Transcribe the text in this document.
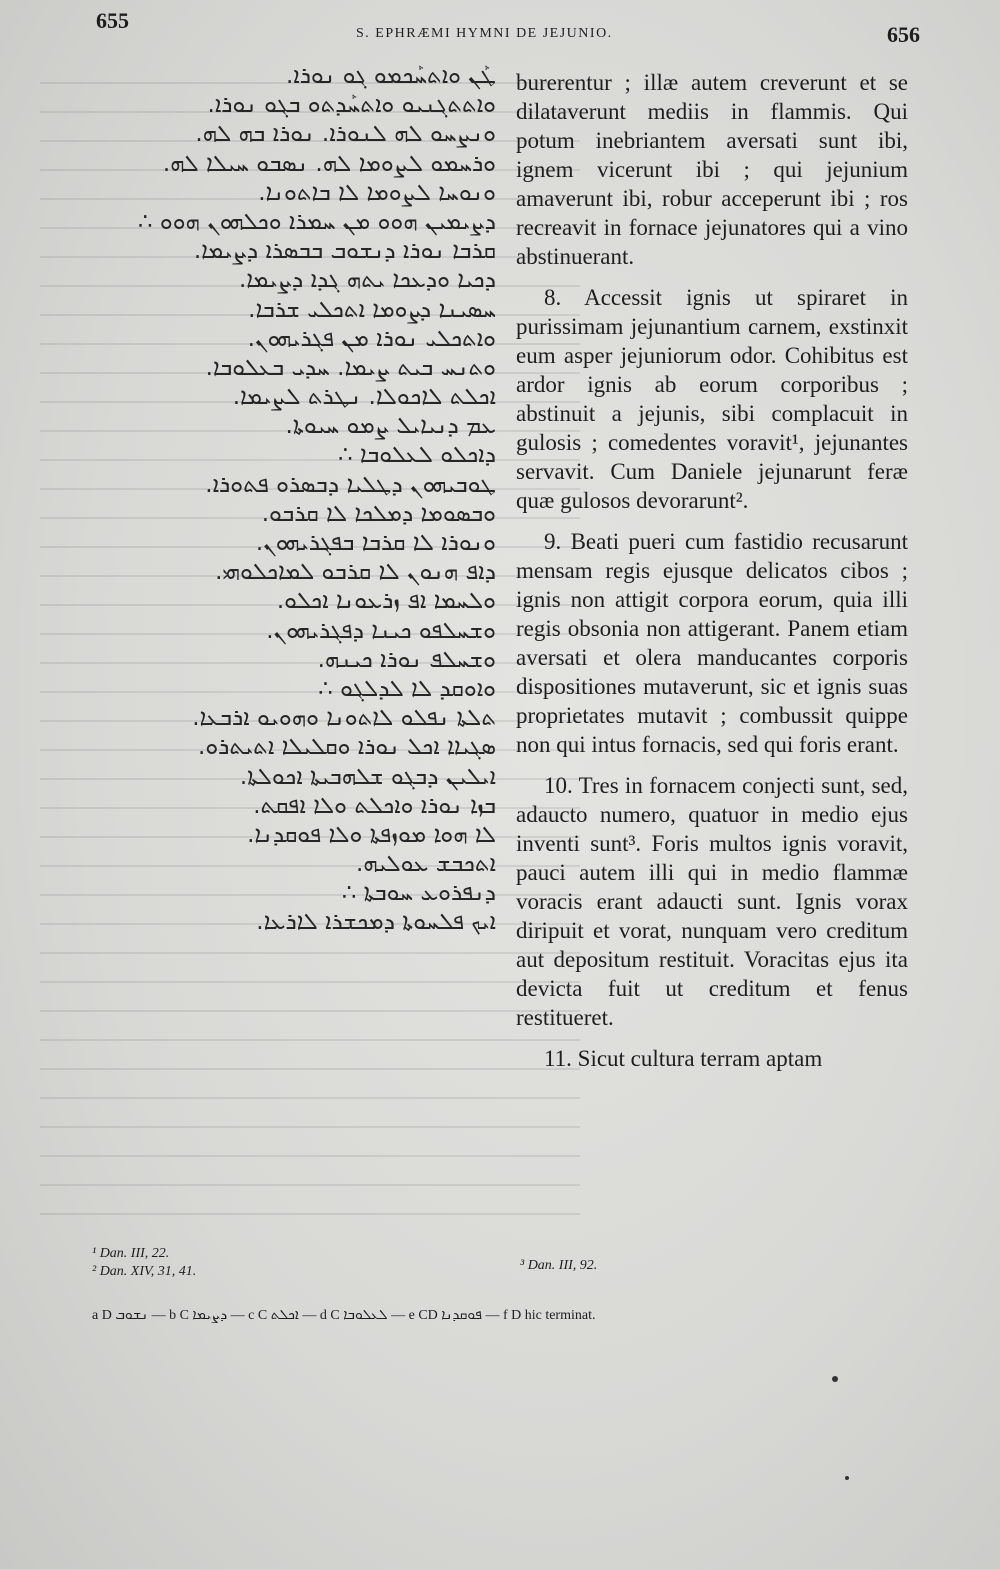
655
S. EPHRÆMI HYMNI DE JEJUNIO.	656
ܛܰܢ ܘܐܬܚܰܟܡܘ ܓܘ ܢܘܪܐ.
ܘܐܬܬܓܢܝܘ ܘܐܬܚܰܕܬܘ ܒܓܘ ܢܘܪܐ.
ܘܢܨܚܘ ܠܗ ܠܢܘܪܐ. ܢܘܪܐ ܒܗ ܠܗ.
ܘܪܚܡܘ ܠܨܘܡܐ ܠܗ. ܢܣܒܘ ܚܝܠܐ ܠܗ.
ܘܢܘܚܐ ܠܨܘܡܐ ܠܐ ܒܐܬܘܢܐ.
ܕܨܝܡܝܢ ܗܘܘ ܡܢ ܚܡܪܐ ܘܟܠܗܘܢ ܗܘܘ ∴
ܩܪܒܐ ܢܘܪܐ ܕܢܫܘܒ ܒܒܣܪܐ ܕܨܝܡܐ.
ܕܟܝܐ ܘܕܥܟܐ ܝܬܗ ܓܕܐ ܕܨܝܡܐ.
ܚܣܝܢܐ ܕܨܘܡܐ ܐܬܟܠܝ ܫܪܒܐ.
ܘܐܬܟܠܝ ܢܘܪܐ ܡܢ ܦܓܪܝܗܘܢ.
ܘܬܢܚ ܒܝܬ ܨܝܡܐ. ܚܕܝ ܒܥܠܘܒܐ.
ܐܟܠܬ ܠܐܟܘܠܐ. ܢܛܪܬ ܠܨܝܡܐ.
ܥܡ ܕܢܝܐܝܠ ܨܡܘ ܚܝܘܬܐ.
ܕܐܟܠܘ ܠܥܠܘܒܐ ∴
ܛܘܒܝܗܘܢ ܕܛܠܝܐ ܕܒܣܪܘ ܦܬܘܪܐ.
ܘܒܣܘܡܐ ܕܡܠܟܐ ܠܐ ܩܪܒܘ.
ܘܢܘܪܐ ܠܐ ܩܪܒܐ ܒܦܓܪܝܗܘܢ.
ܕܐܦ ܗܢܘܢ ܠܐ ܩܪܒܘ ܠܡܐܟܠܘܗܝ.
ܘܠܚܡܐ ܐܦ ܙܪܥܘܢܐ ܐܟܠܘ.
ܘܫܚܠܦܘ ܟܝܢܐ ܕܦܓܪܝܗܘܢ.
ܘܫܚܠܦ ܢܘܪܐ ܟܝܢܗ.
ܘܐܘܩܕ ܠܐ ܠܕܠܓܘ ∴
ܬܠܬܐ ܢܦܠܘ ܠܐܬܘܢܐ ܘܗܘܝܘ ܐܪܒܥܐ.
ܣܓܝܐܐ ܐܟܠ ܢܘܪܐ ܘܩܠܝܠܐ ܐܬܝܬܪܘ.
ܐܝܠܝܢ ܕܒܓܘ ܫܠܗܒܝܬܐ ܐܟܘܠܬܐ.
ܒܙܐ ܢܘܪܐ ܘܐܟܠܬ ܘܠܐ ܐܦܩܬ.
ܠܐ ܗܘܐ ܡܘܙܦܬܐ ܘܠܐ ܦܘܩܕܢܐ.
ܐܬܟܒܫ ܥܘܠܝܗ.
ܕܢܦܪܘܥ ܚܘܒܬܐ ∴
ܐܝܟ ܦܠܚܘܬܐ ܕܡܟܫܪܐ ܠܐܪܥܐ.

burerentur ; illæ autem creverunt et se dilataverunt mediis in flammis. Qui potum inebriantem aversati sunt ibi, ignem vicerunt ibi ; qui jejunium amaverunt ibi, robur acceperunt ibi ; ros recreavit in fornace jejunatores qui a vino abstinuerant.

8. Accessit ignis ut spiraret in purissimam jejunantium carnem, exstinxit eum asper jejuniorum odor. Cohibitus est ardor ignis ab eorum corporibus ; abstinuit a jejunis, sibi complacuit in gulosis ; comedentes voravit¹, jejunantes servavit. Cum Daniele jejunarunt feræ quæ gulosos devorarunt².

9. Beati pueri cum fastidio recusarunt mensam regis ejusque delicatos cibos ; ignis non attigit corpora eorum, quia illi regis obsonia non attigerant. Panem etiam aversati et olera manducantes corporis dispositiones mutaverunt, sic et ignis suas proprietates mutavit ; combussit quippe non qui intus fornacis, sed qui foris erant.

10. Tres in fornacem conjecti sunt, sed, adaucto numero, quatuor in medio ejus inventi sunt³. Foris multos ignis voravit, pauci autem illi qui in medio flammæ voracis erant adaucti sunt. Ignis vorax diripuit et vorat, nunquam vero creditum aut depositum restituit. Voracitas ejus ita devicta fuit ut creditum et fenus restitueret.

11. Sicut cultura terram aptam

¹ Dan. III, 22.
² Dan. XIV, 31, 41.	³ Dan. III, 92.
a D ܢܫܘܒ — b C ܕܨܝܡܐ — c C ܐܟܠܬ — d C ܠܥܠܘܒܐ — e CD ܦܘܩܕܢܐ — f D hic terminat.
